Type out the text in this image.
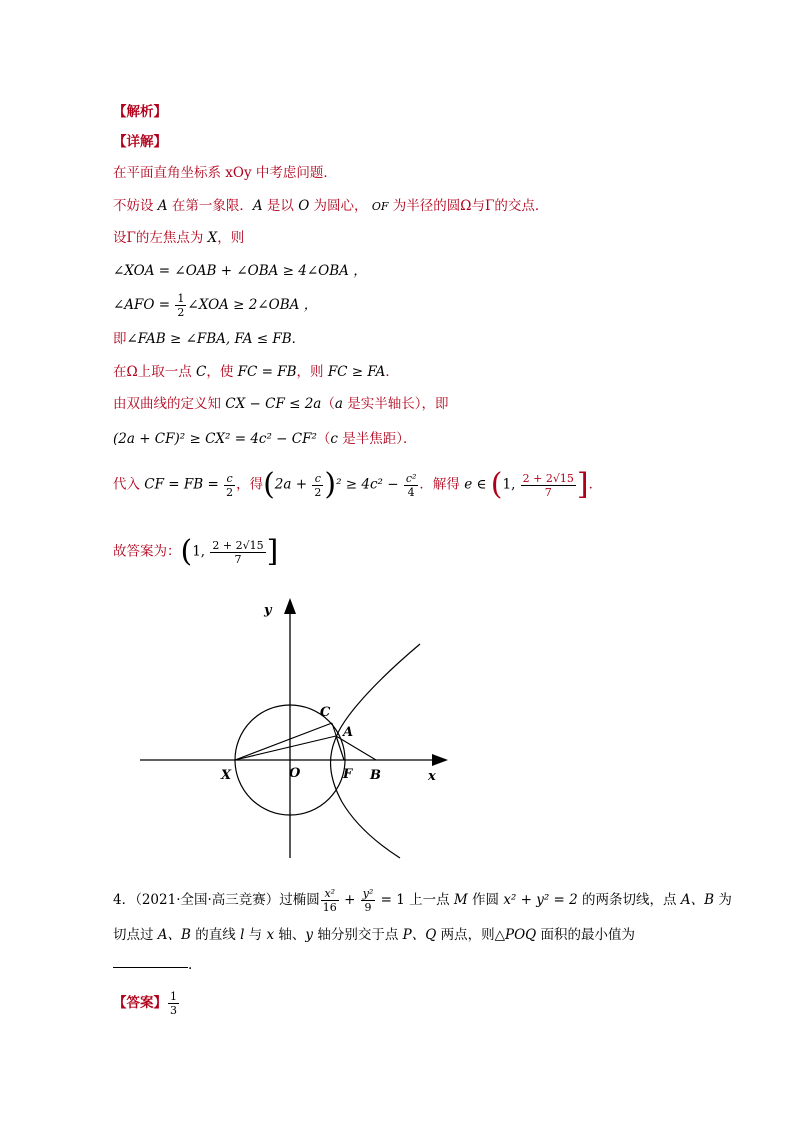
【解析】
【详解】
在平面直角坐标系 xOy 中考虑问题．
不妨设 A 在第一象限．A 是以 O 为圆心， OF 为半径的圆Ω与Γ的交点．
设Γ的左焦点为 X，则
∠XOA = ∠OAB + ∠OBA ≥ 4∠OBA ，
∠AFO = $\frac{1}{2}$ ∠XOA ≥ 2∠OBA ，
即∠FAB ≥ ∠FBA, FA ≤ FB．
在Ω上取一点 C，使 FC = FB，则 FC ≥ FA．
由双曲线的定义知 CX − CF ≤ 2a（a 是实半轴长），即
(2a + CF)² ≥ CX² = 4c² − CF²（c 是半焦距）．
代入 CF = FB = $\frac{c}{2}$ ，得$(2a + \frac{c}{2} )^2 \ge 4c^2 - \frac{\text{c²}}{4}$ ．解得 e ∈ (1, $\frac{2 + 2√15}{7}$ ]．
故答案为：(1, $\frac{2 + 2√15}{7}$ ]
y
x
X	O	F B
C
A
4．（2021·全国·高三竞赛）过椭圆 $\frac{\text{x²}}{16} + \frac{\text{y²}}{9} = 1$ 上一点 M 作圆 x² + y² = 2 的两条切线，点 A、B 为
切点过 A、B 的直线 l 与 x 轴、y 轴分别交于点 P、Q 两点，则△POQ 面积的最小值为
.
【答案】 $\frac{1}{3}$
